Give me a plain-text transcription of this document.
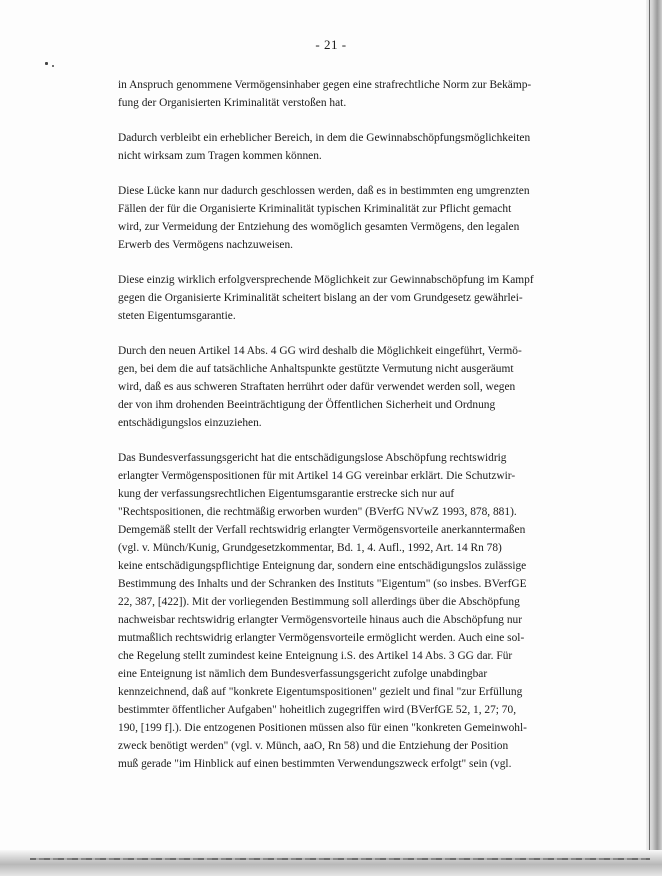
- 21 -

in Anspruch genommene Vermögensinhaber gegen eine strafrechtliche Norm zur Bekämp-
fung der Organisierten Kriminalität verstoßen hat.

Dadurch verbleibt ein erheblicher Bereich, in dem die Gewinnabschöpfungsmöglichkeiten
nicht wirksam zum Tragen kommen können.

Diese Lücke kann nur dadurch geschlossen werden, daß es in bestimmten eng umgrenzten
Fällen der für die Organisierte Kriminalität typischen Kriminalität zur Pflicht gemacht
wird, zur Vermeidung der Entziehung des womöglich gesamten Vermögens, den legalen
Erwerb des Vermögens nachzuweisen.

Diese einzig wirklich erfolgversprechende Möglichkeit zur Gewinnabschöpfung im Kampf
gegen die Organisierte Kriminalität scheitert bislang an der vom Grundgesetz gewährlei-
steten Eigentumsgarantie.

Durch den neuen Artikel 14 Abs. 4 GG wird deshalb die Möglichkeit eingeführt, Vermö-
gen, bei dem die auf tatsächliche Anhaltspunkte gestützte Vermutung nicht ausgeräumt
wird, daß es aus schweren Straftaten herrührt oder dafür verwendet werden soll, wegen
der von ihm drohenden Beeinträchtigung der Öffentlichen Sicherheit und Ordnung
entschädigungslos einzuziehen.

Das Bundesverfassungsgericht hat die entschädigungslose Abschöpfung rechtswidrig
erlangter Vermögenspositionen für mit Artikel 14 GG vereinbar erklärt. Die Schutzwir-
kung der verfassungsrechtlichen Eigentumsgarantie erstrecke sich nur auf
"Rechtspositionen, die rechtmäßig erworben wurden" (BVerfG NVwZ 1993, 878, 881).
Demgemäß stellt der Verfall rechtswidrig erlangter Vermögensvorteile anerkanntermaßen
(vgl. v. Münch/Kunig, Grundgesetzkommentar, Bd. 1, 4. Aufl., 1992, Art. 14 Rn 78)
keine entschädigungspflichtige Enteignung dar, sondern eine entschädigungslos zulässige
Bestimmung des Inhalts und der Schranken des Instituts "Eigentum" (so insbes. BVerfGE
22, 387, [422]). Mit der vorliegenden Bestimmung soll allerdings über die Abschöpfung
nachweisbar rechtswidrig erlangter Vermögensvorteile hinaus auch die Abschöpfung nur
mutmaßlich rechtswidrig erlangter Vermögensvorteile ermöglicht werden. Auch eine sol-
che Regelung stellt zumindest keine Enteignung i.S. des Artikel 14 Abs. 3 GG dar. Für
eine Enteignung ist nämlich dem Bundesverfassungsgericht zufolge unabdingbar
kennzeichnend, daß auf "konkrete Eigentumspositionen" gezielt und final "zur Erfüllung
bestimmter öffentlicher Aufgaben" hoheitlich zugegriffen wird (BVerfGE 52, 1, 27; 70,
190, [199 f].). Die entzogenen Positionen müssen also für einen "konkreten Gemeinwohl-
zweck benötigt werden" (vgl. v. Münch, aaO, Rn 58) und die Entziehung der Position
muß gerade "im Hinblick auf einen bestimmten Verwendungszweck erfolgt" sein (vgl.
